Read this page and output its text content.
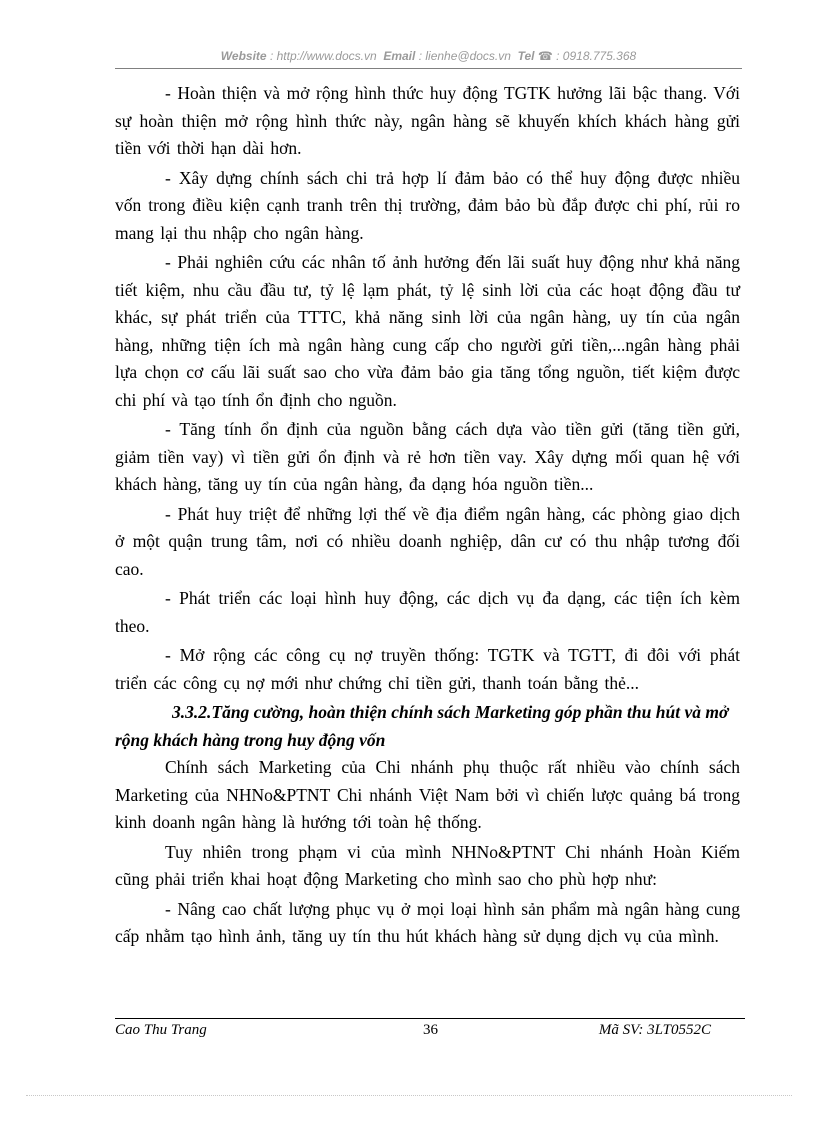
Website : http://www.docs.vn Email : lienhe@docs.vn Tel ☎ : 0918.775.368

- Hoàn thiện và mở rộng hình thức huy động TGTK hưởng lãi bậc thang. Với sự hoàn thiện mở rộng hình thức này, ngân hàng sẽ khuyến khích khách hàng gửi tiền với thời hạn dài hơn.

- Xây dựng chính sách chi trả hợp lí đảm bảo có thể huy động được nhiều vốn trong điều kiện cạnh tranh trên thị trường, đảm bảo bù đắp được chi phí, rủi ro mang lại thu nhập cho ngân hàng.

- Phải nghiên cứu các nhân tố ảnh hưởng đến lãi suất huy động như khả năng tiết kiệm, nhu cầu đầu tư, tỷ lệ lạm phát, tỷ lệ sinh lời của các hoạt động đầu tư khác, sự phát triển của TTTC, khả năng sinh lời của ngân hàng, uy tín của ngân hàng, những tiện ích mà ngân hàng cung cấp cho người gửi tiền,...ngân hàng phải lựa chọn cơ cấu lãi suất sao cho vừa đảm bảo gia tăng tổng nguồn, tiết kiệm được chi phí và tạo tính ổn định cho nguồn.

- Tăng tính ổn định của nguồn bằng cách dựa vào tiền gửi (tăng tiền gửi, giảm tiền vay) vì tiền gửi ổn định và rẻ hơn tiền vay. Xây dựng mối quan hệ với khách hàng, tăng uy tín của ngân hàng, đa dạng hóa nguồn tiền...

- Phát huy triệt để những lợi thế về địa điểm ngân hàng, các phòng giao dịch ở một quận trung tâm, nơi có nhiều doanh nghiệp, dân cư có thu nhập tương đối cao.

- Phát triển các loại hình huy động, các dịch vụ đa dạng, các tiện ích kèm theo.

- Mở rộng các công cụ nợ truyền thống: TGTK và TGTT, đi đôi với phát triển các công cụ nợ mới như chứng chỉ tiền gửi, thanh toán bằng thẻ...

3.3.2.Tăng cường, hoàn thiện chính sách Marketing góp phần thu hút và mở rộng khách hàng trong huy động vốn

Chính sách Marketing của Chi nhánh phụ thuộc rất nhiều vào chính sách Marketing của NHNo&PTNT Chi nhánh Việt Nam bởi vì chiến lược quảng bá trong kinh doanh ngân hàng là hướng tới toàn hệ thống.

Tuy nhiên trong phạm vi của mình NHNo&PTNT Chi nhánh Hoàn Kiếm cũng phải triển khai hoạt động Marketing cho mình sao cho phù hợp như:

- Nâng cao chất lượng phục vụ ở mọi loại hình sản phẩm mà ngân hàng cung cấp nhằm tạo hình ảnh, tăng uy tín thu hút khách hàng sử dụng dịch vụ của mình.

Cao Thu Trang	36	Mã SV: 3LT0552C
